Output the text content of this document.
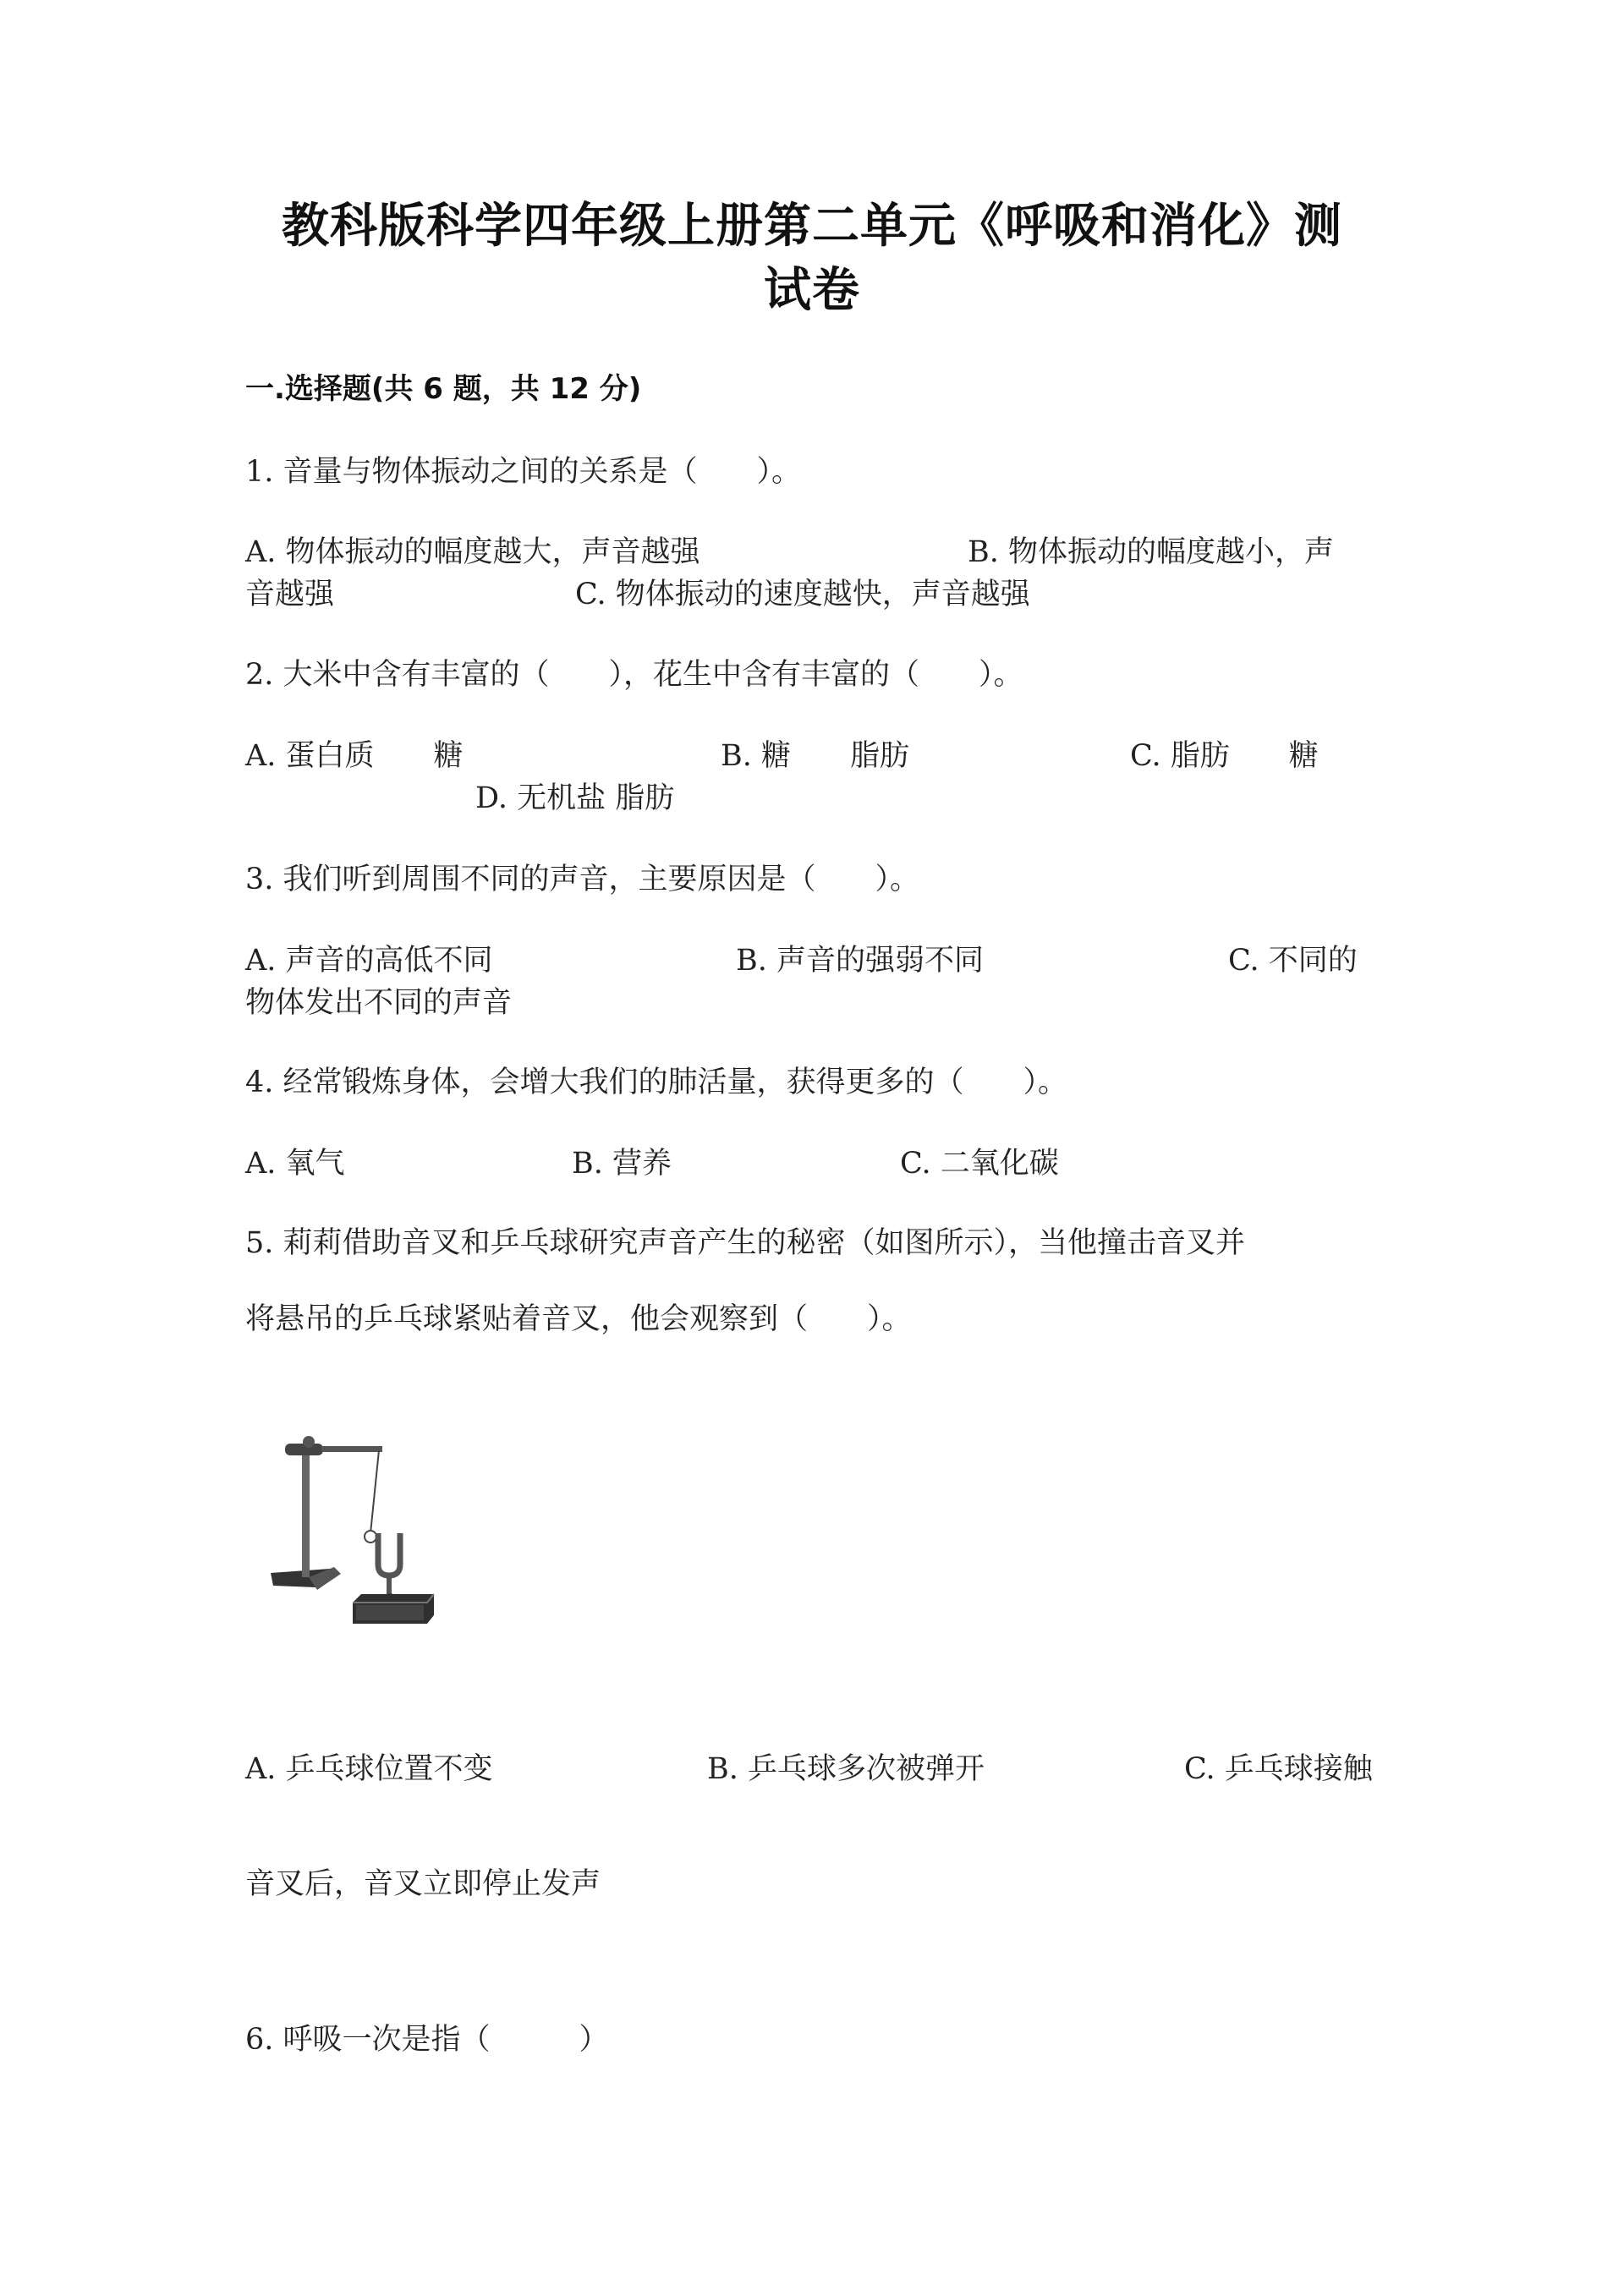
教科版科学四年级上册第二单元《呼吸和消化》测
试卷
一.选择题(共 6 题，共 12 分)
1. 音量与物体振动之间的关系是（　　）。
A. 物体振动的幅度越大，声音越强	B. 物体振动的幅度越小，声
音越强	C. 物体振动的速度越快，声音越强
2. 大米中含有丰富的（　　），花生中含有丰富的（　　）。
A. 蛋白质　　糖	B. 糖　　脂肪	C. 脂肪　　糖
D. 无机盐 脂肪
3. 我们听到周围不同的声音，主要原因是（　　）。
A. 声音的高低不同	B. 声音的强弱不同	C. 不同的
物体发出不同的声音
4. 经常锻炼身体，会增大我们的肺活量，获得更多的（　　）。
A. 氧气	B. 营养	C. 二氧化碳
5. 莉莉借助音叉和乒乓球研究声音产生的秘密（如图所示），当他撞击音叉并
将悬吊的乒乓球紧贴着音叉，他会观察到（　　）。
A. 乒乓球位置不变	B. 乒乓球多次被弹开	C. 乒乓球接触
音叉后，音叉立即停止发声
6. 呼吸一次是指（　　　）
